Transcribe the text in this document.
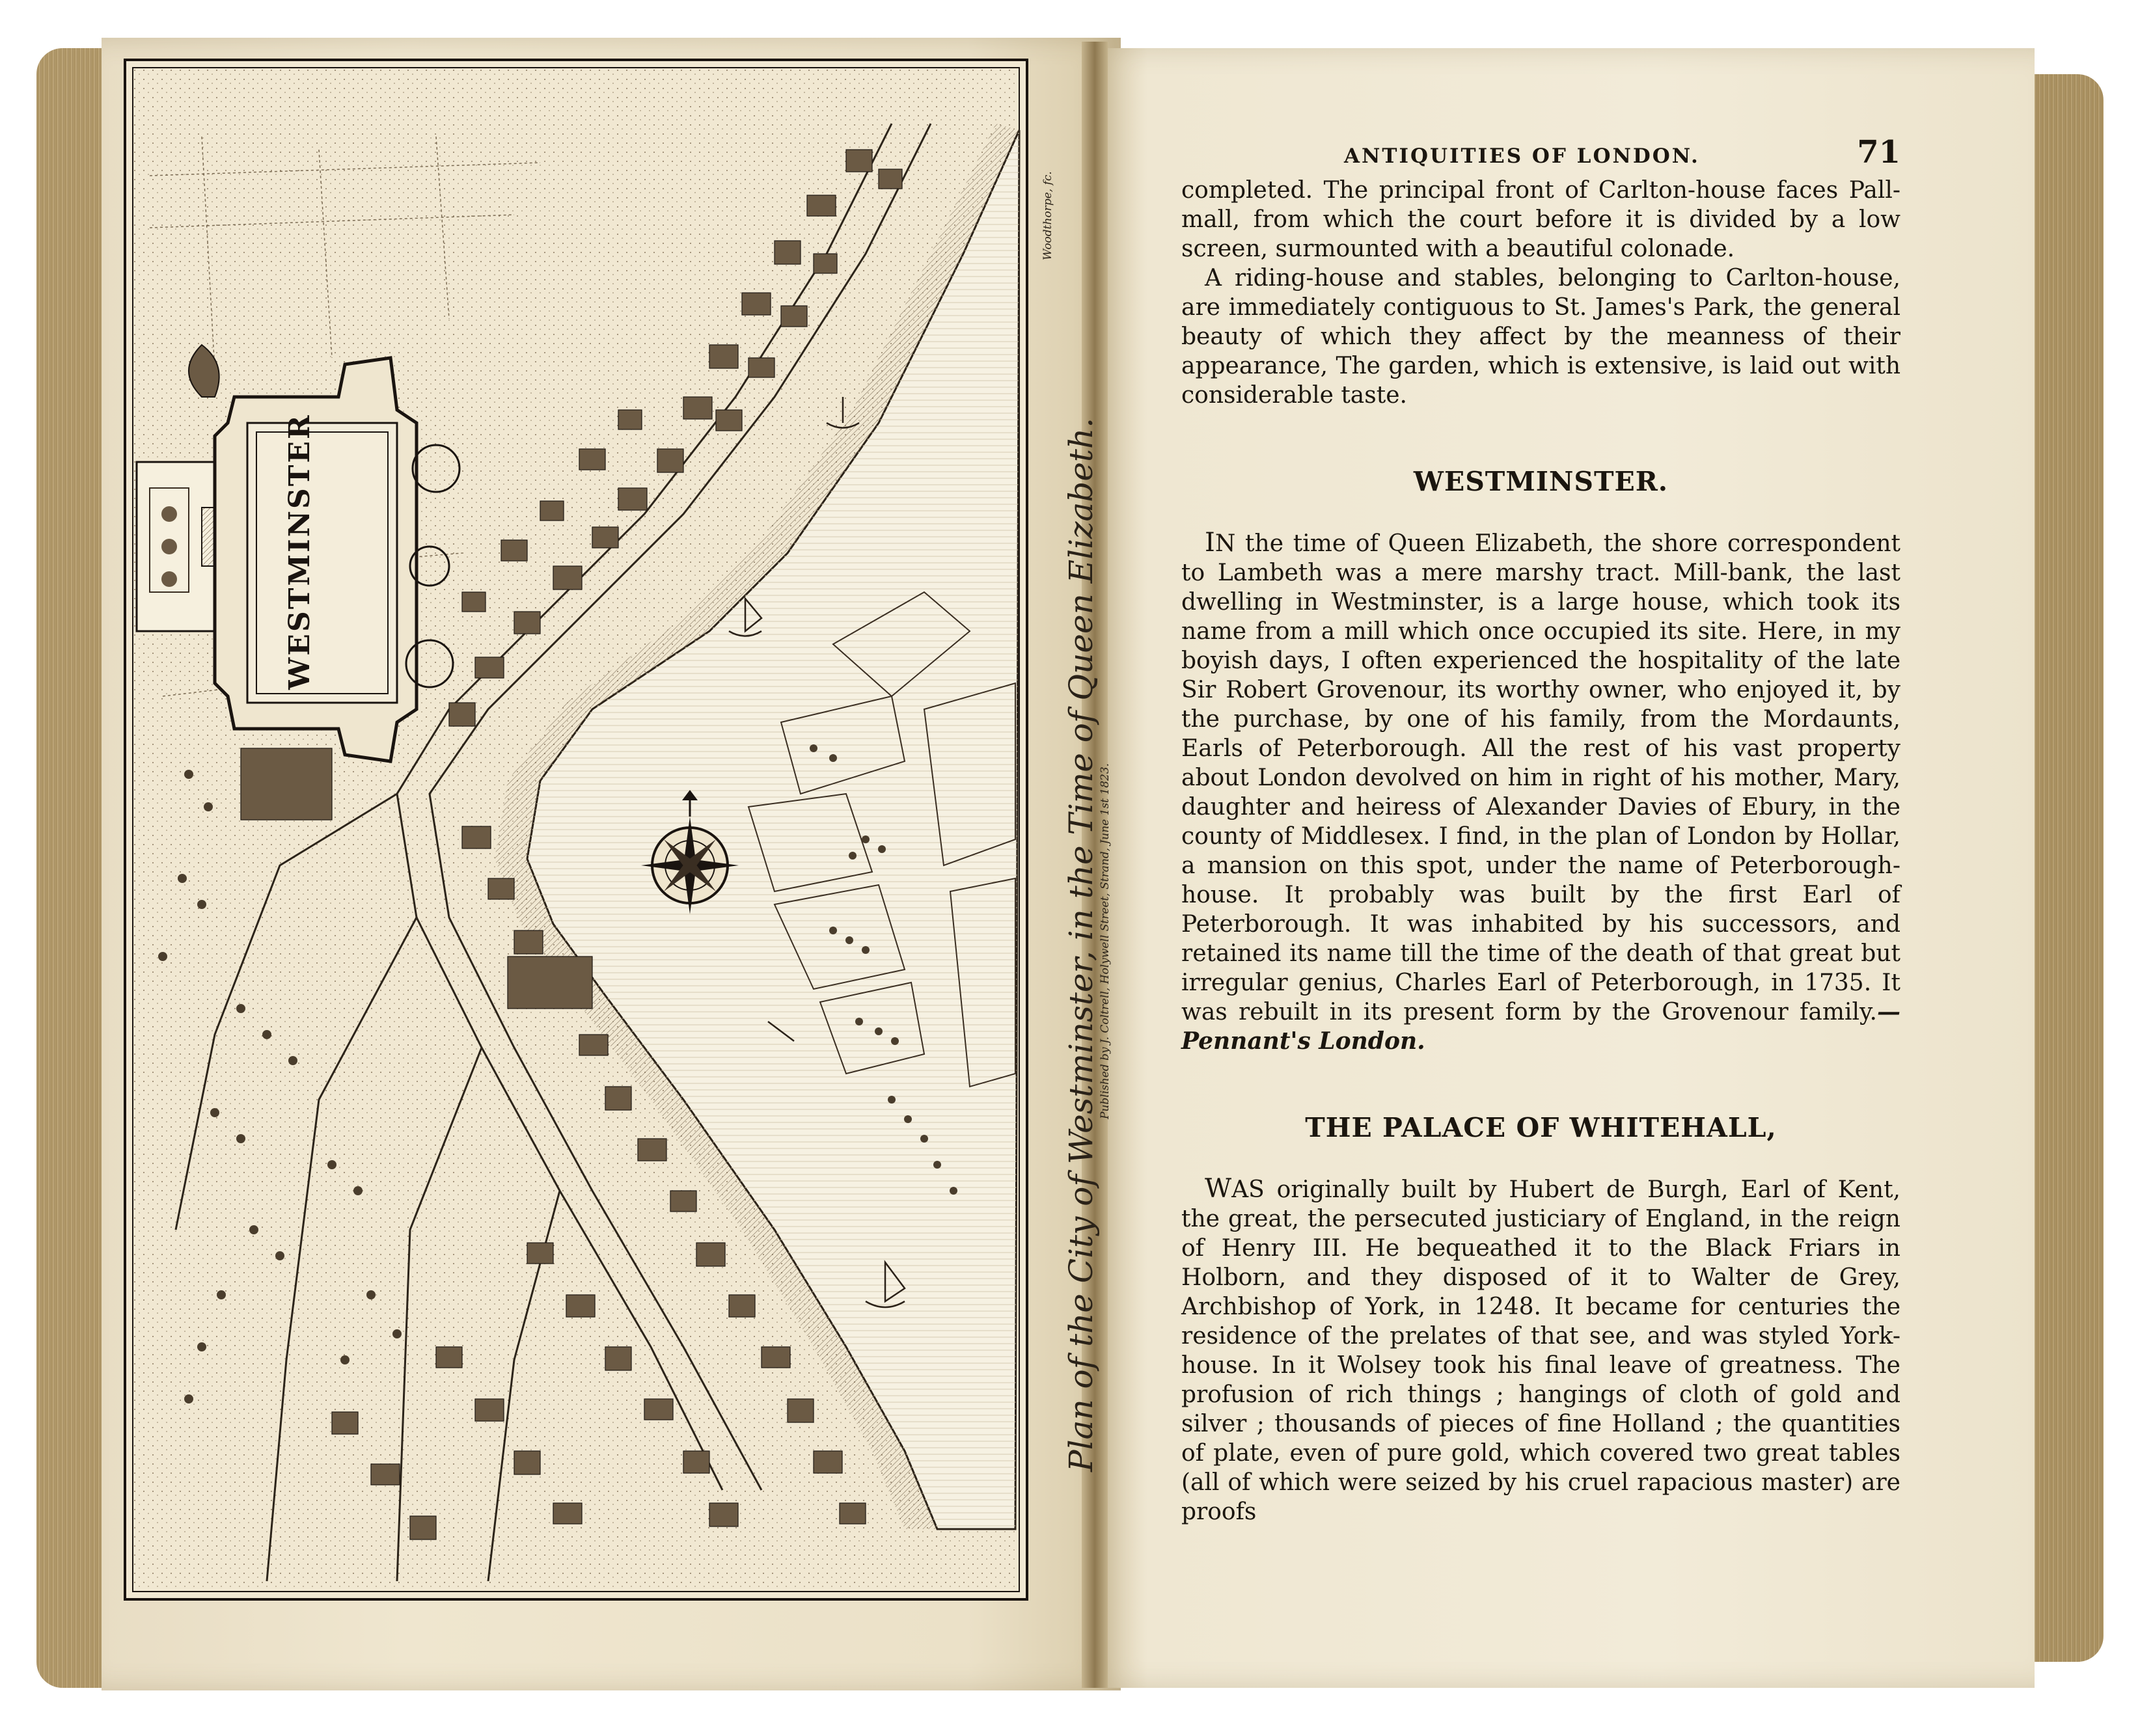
WESTMINSTER	Plan of the City of Westminster, in the Time of Queen Elizabeth.
Published by J. Coltrell, Holywell Street, Strand, June 1st 1823.
Woodthorpe, fc.
ANTIQUITIES OF LONDON.	71

completed. The principal front of Carlton-house faces Pall-mall, from which the court before it is divided by a low screen, surmounted with a beautiful colonade.

A riding-house and stables, belonging to Carlton-house, are immediately contiguous to St. James's Park, the general beauty of which they affect by the meanness of their appearance, The garden, which is extensive, is laid out with considerable taste.

WESTMINSTER.

IN the time of Queen Elizabeth, the shore correspondent to Lambeth was a mere marshy tract. Mill-bank, the last dwelling in Westminster, is a large house, which took its name from a mill which once occupied its site. Here, in my boyish days, I often experienced the hospitality of the late Sir Robert Grovenour, its worthy owner, who enjoyed it, by the purchase, by one of his family, from the Mordaunts, Earls of Peterborough. All the rest of his vast property about London devolved on him in right of his mother, Mary, daughter and heiress of Alexander Davies of Ebury, in the county of Middlesex. I find, in the plan of London by Hollar, a mansion on this spot, under the name of Peterborough-house. It probably was built by the first Earl of Peterborough. It was inhabited by his successors, and retained its name till the time of the death of that great but irregular genius, Charles Earl of Peterborough, in 1735. It was rebuilt in its present form by the Grovenour family.—Pennant's London.

THE PALACE OF WHITEHALL,

WAS originally built by Hubert de Burgh, Earl of Kent, the great, the persecuted justiciary of England, in the reign of Henry III. He bequeathed it to the Black Friars in Holborn, and they disposed of it to Walter de Grey, Archbishop of York, in 1248. It became for centuries the residence of the prelates of that see, and was styled York-house. In it Wolsey took his final leave of greatness. The profusion of rich things ; hangings of cloth of gold and silver ; thousands of pieces of fine Holland ; the quantities of plate, even of pure gold, which covered two great tables (all of which were seized by his cruel rapacious master) are proofs
